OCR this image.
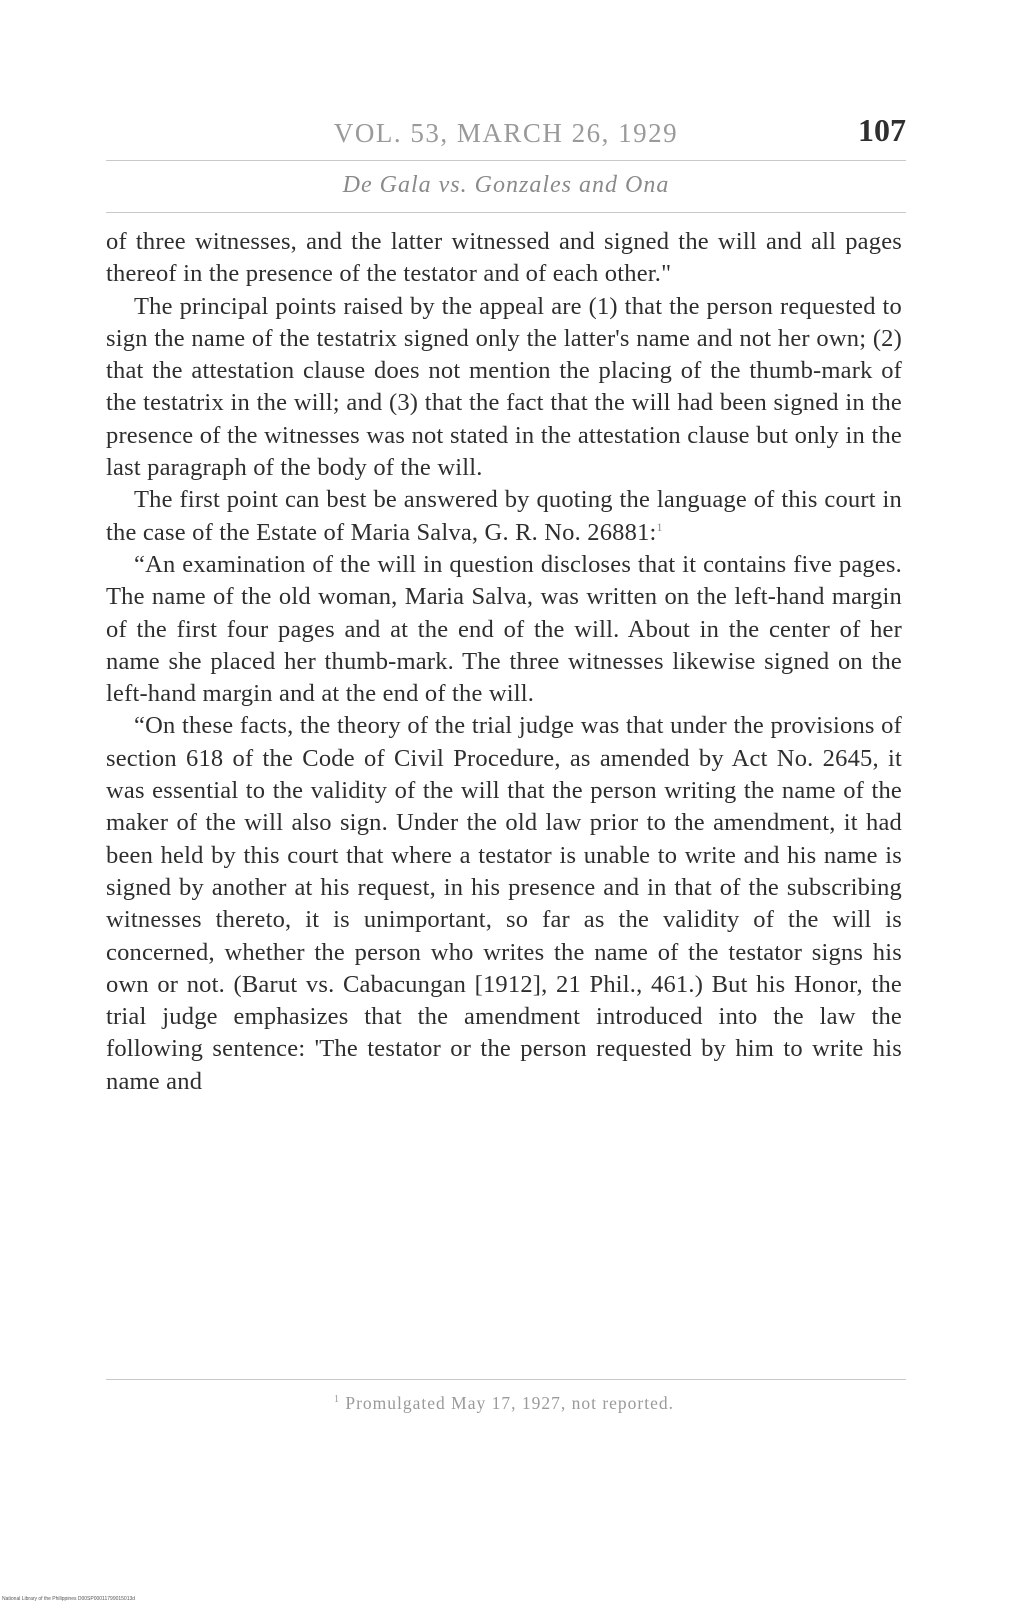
VOL. 53, MARCH 26, 1929	107
De Gala vs. Gonzales and Ona

of three witnesses, and the latter witnessed and signed the will and all pages thereof in the presence of the testator and of each other."

The principal points raised by the appeal are (1) that the person requested to sign the name of the testatrix signed only the latter's name and not her own; (2) that the attestation clause does not mention the placing of the thumb-mark of the testatrix in the will; and (3) that the fact that the will had been signed in the presence of the witnesses was not stated in the attestation clause but only in the last paragraph of the body of the will.

The first point can best be answered by quoting the language of this court in the case of the Estate of Maria Salva, G. R. No. 26881:$^1$

“An examination of the will in question discloses that it contains five pages. The name of the old woman, Maria Salva, was written on the left-hand margin of the first four pages and at the end of the will. About in the center of her name she placed her thumb-mark. The three witnesses likewise signed on the left-hand margin and at the end of the will.

“On these facts, the theory of the trial judge was that under the provisions of section 618 of the Code of Civil Procedure, as amended by Act No. 2645, it was essential to the validity of the will that the person writing the name of the maker of the will also sign. Under the old law prior to the amendment, it had been held by this court that where a testator is unable to write and his name is signed by another at his request, in his presence and in that of the subscribing witnesses thereto, it is unimportant, so far as the validity of the will is concerned, whether the person who writes the name of the testator signs his own or not. (Barut vs. Cabacungan [1912], 21 Phil., 461.) But his Honor, the trial judge emphasizes that the amendment introduced into the law the following sentence: 'The testator or the person requested by him to write his name and

$^1$ Promulgated May 17, 1927, not reported.
National Library of the Philippines D00SP00011799015013d
